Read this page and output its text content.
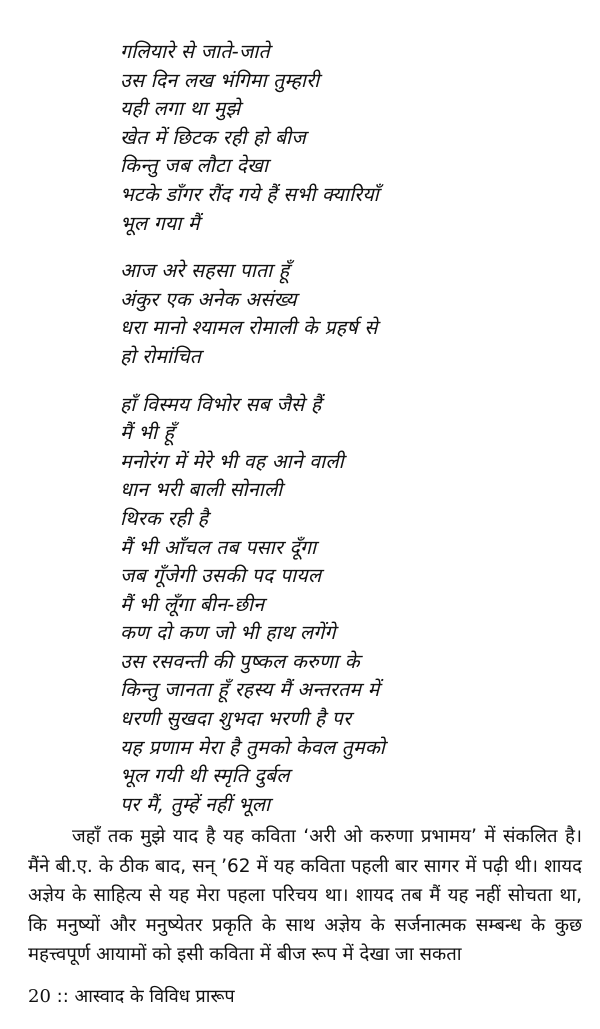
गलियारे से जाते-जाते
उस दिन लख भंगिमा तुम्हारी
यही लगा था मुझे
खेत में छिटक रही हो बीज
किन्तु जब लौटा देखा
भटके डाँगर रौंद गये हैं सभी क्यारियाँ
भूल गया मैं
आज अरे सहसा पाता हूँ
अंकुर एक अनेक असंख्य
धरा मानो श्यामल रोमाली के प्रहर्ष से
हो रोमांचित
हाँ विस्मय विभोर सब जैसे हैं
मैं भी हूँ
मनोरंग में मेरे भी वह आने वाली
धान भरी बाली सोनाली
थिरक रही है
मैं भी आँचल तब पसार दूँगा
जब गूँजेगी उसकी पद पायल
मैं भी लूँगा बीन-छीन
कण दो कण जो भी हाथ लगेंगे
उस रसवन्ती की पुष्कल करुणा के
किन्तु जानता हूँ रहस्य मैं अन्तरतम में
धरणी सुखदा शुभदा भरणी है पर
यह प्रणाम मेरा है तुमको केवल तुमको
भूल गयी थी स्मृति दुर्बल
पर मैं, तुम्हें नहीं भूला

जहाँ तक मुझे याद है यह कविता ‘अरी ओ करुणा प्रभामय’ में संकलित है। मैंने बी.ए. के ठीक बाद, सन् ’62 में यह कविता पहली बार सागर में पढ़ी थी। शायद अज्ञेय के साहित्य से यह मेरा पहला परिचय था। शायद तब मैं यह नहीं सोचता था, कि मनुष्यों और मनुष्येतर प्रकृति के साथ अज्ञेय के सर्जनात्मक सम्बन्ध के कुछ महत्त्वपूर्ण आयामों को इसी कविता में बीज रूप में देखा जा सकता

20 :: आस्वाद के विविध प्रारूप
